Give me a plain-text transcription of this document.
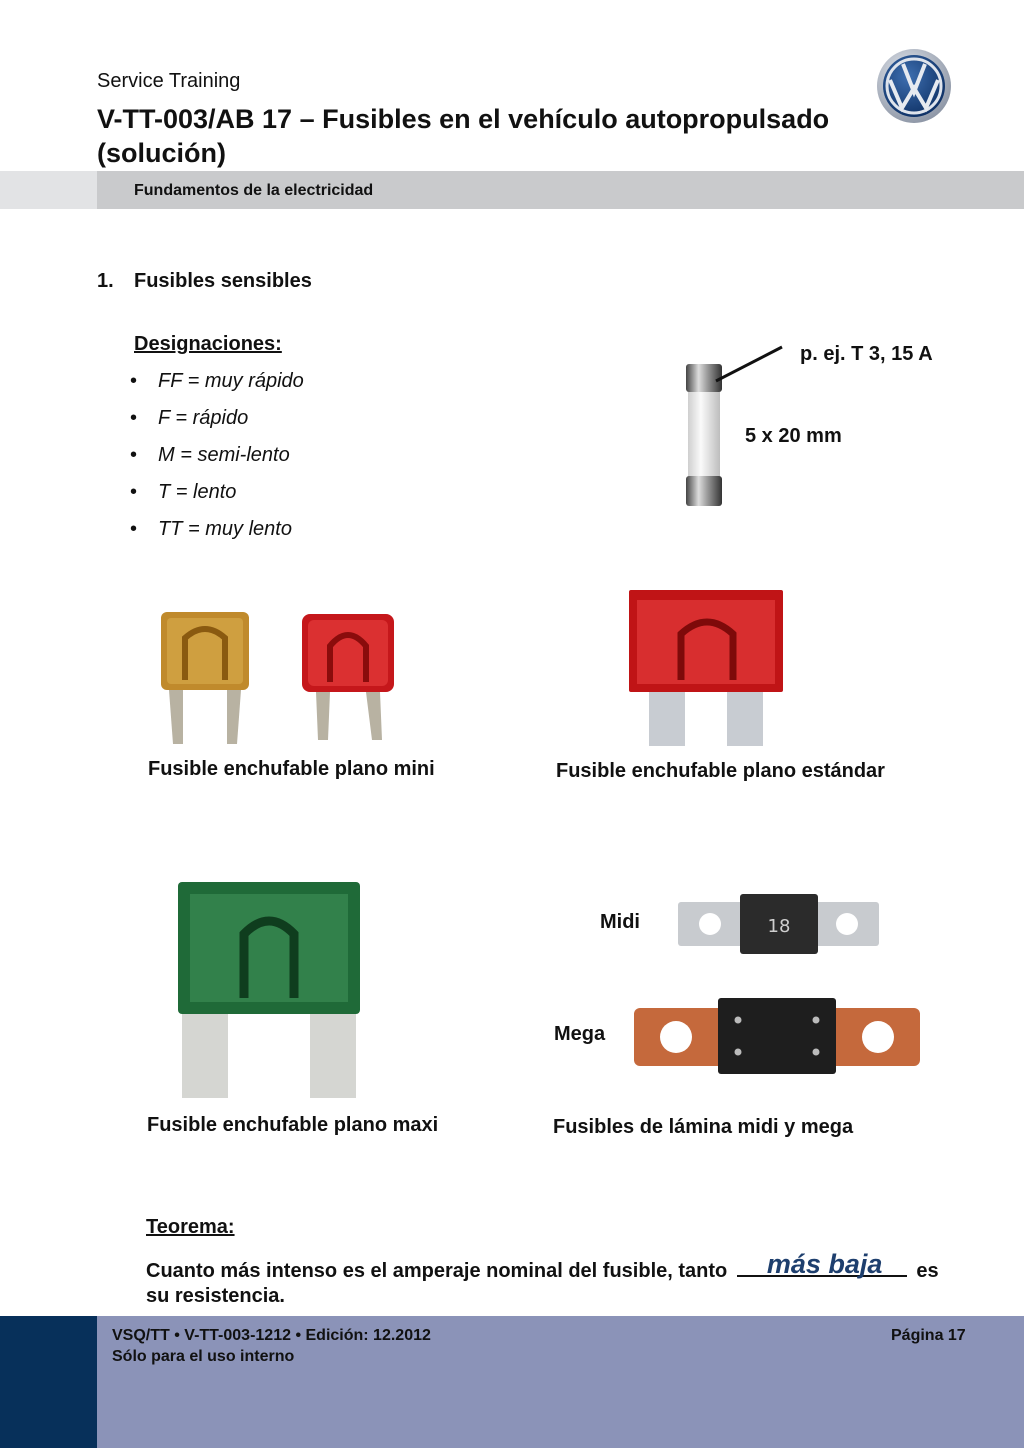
Service Training
V-TT-003/AB 17 – Fusibles en el vehículo autopropulsado (solución)
Fundamentos de la electricidad
1. Fusibles sensibles
Designaciones:
• FF = muy rápido
• F = rápido
• M = semi-lento
• T = lento
• TT = muy lento
p. ej. T 3, 15 A
5 x 20 mm
Fusible enchufable plano mini	Fusible enchufable plano estándar
Fusible enchufable plano maxi
Midi	18
Mega
Fusibles de lámina midi y mega
Teorema:
Cuanto más intenso es el amperaje nominal del fusible, tanto más baja es
su resistencia.
VSQ/TT • V-TT-003-1212 • Edición: 12.2012
Sólo para el uso interno
Página 17
